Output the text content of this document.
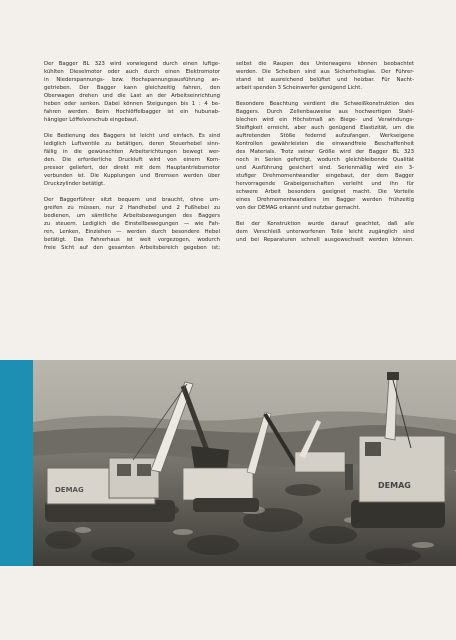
Der Bagger BL 323 wird vorwiegend durch einen luftge-
kühlten Dieselmotor oder auch durch einen Elektromotor
in Niederspannungs- bzw. Hochspannungsausführung an-
getrieben. Der Bagger kann gleichzeitig fahren, den
Oberwagen drehen und die Last an der Arbeitseinrichtung
heben oder senken. Dabei können Steigungen bis 1 : 4 be-
fahren werden. Beim Hochlöffelbagger ist ein hubunab-
hängiger Löffelvorschub eingebaut.

Die Bedienung des Baggers ist leicht und einfach. Es sind
lediglich Luftventile zu betätigen, deren Steuerhebel sinn-
fällig in die gewünschten Arbeitsrichtungen bewegt wer-
den. Die erforderliche Druckluft wird von einem Kom-
pressor geliefert, der direkt mit dem Hauptantriebsmotor
verbunden ist. Die Kupplungen und Bremsen werden über
Druckzylinder betätigt.

Der Baggerführer sitzt bequem und braucht, ohne um-
greifen zu müssen, nur 2 Handhebel und 2 Fußhebel zu
bedienen, um sämtliche Arbeitsbewegungen des Baggers
zu steuern. Lediglich die Einstellbewegungen — wie Fah-
ren, Lenken, Einziehen — werden durch besondere Hebel
betätigt. Das Fahrerhaus ist weit vorgezogen, wodurch
freie Sicht auf den gesamten Arbeitsbereich gegeben ist;

selbst die Raupen des Unterwagens können beobachtet
werden. Die Scheiben sind aus Sicherheitsglas. Der Führer-
stand ist ausreichend belüftet und heizbar. Für Nacht-
arbeit spenden 3 Scheinwerfer genügend Licht.

Besondere Beachtung verdient die Schweißkonstruktion des
Baggers. Durch Zellenbauweise aus hochwertigen Stahl-
blechen wird ein Höchstmaß an Biege- und Verwindungs-
Steifigkeit erreicht, aber auch genügend Elastizität, um die
auftretenden Stöße federnd aufzufangen. Werkseigene
Kontrollen gewährleisten die einwandfreie Beschaffenheit
des Materials. Trotz seiner Größe wird der Bagger BL 323
noch in Serien gefertigt, wodurch gleichbleibende Qualität
und Ausführung gesichert sind. Serienmäßig wird ein 3-
stufiger Drehmomentwandler eingebaut, der dem Bagger
hervorragende Grabeigenschaften verleiht und ihn für
schwere Arbeit besonders geeignet macht. Die Vorteile
eines Drehmomentwandlers im Bagger werden frühzeitig
von der DEMAG erkannt und nutzbar gemacht.

Bei der Konstruktion wurde darauf geachtet, daß alle
dem Verschleiß unterworfenen Teile leicht zugänglich sind
und bei Reparaturen schnell ausgewechselt werden können.

DEMAG	DEMAG
